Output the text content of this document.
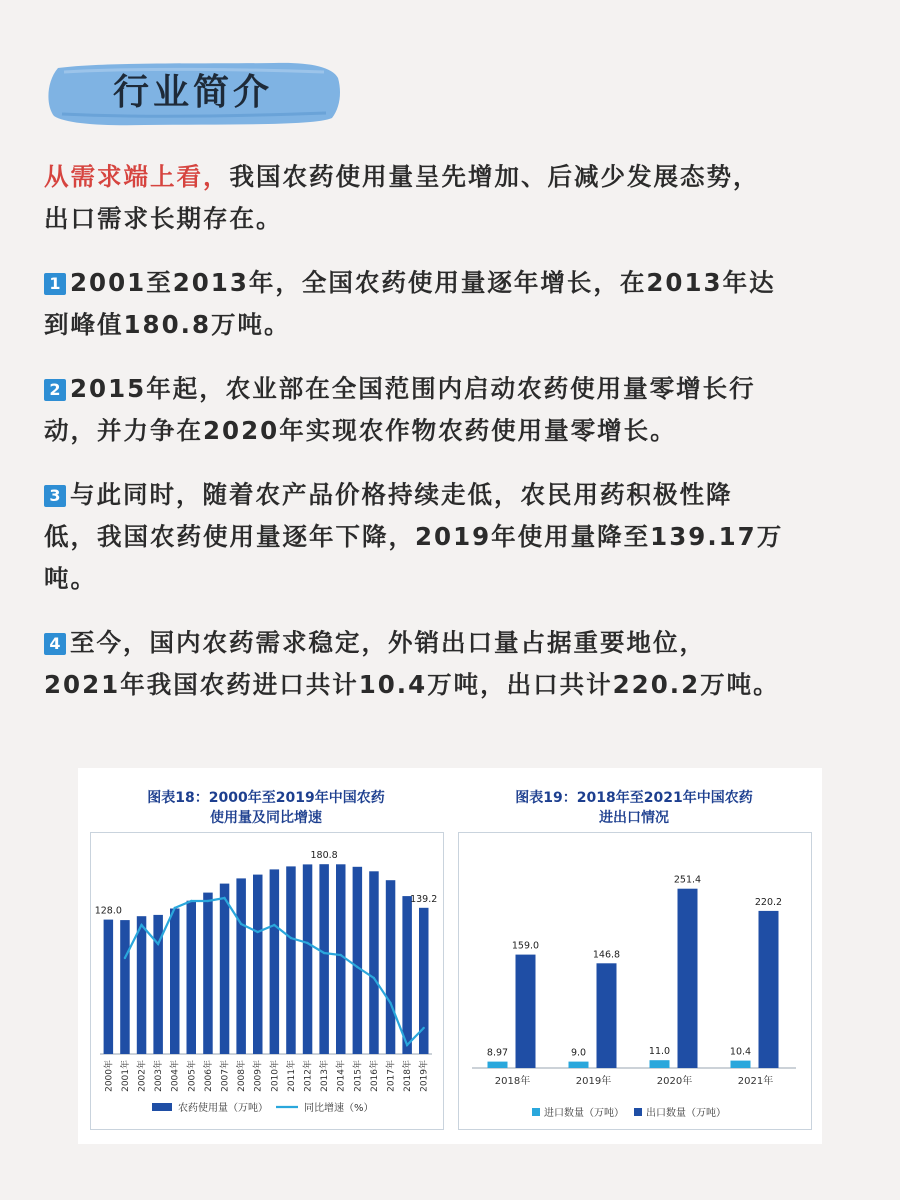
行业简介

从需求端上看，我国农药使用量呈先增加、后减少发展态势，
出口需求长期存在。

1 2001至2013年，全国农药使用量逐年增长，在2013年达
到峰值180.8万吨。

2 2015年起，农业部在全国范围内启动农药使用量零增长行
动，并力争在2020年实现农作物农药使用量零增长。

3 与此同时，随着农产品价格持续走低，农民用药积极性降
低，我国农药使用量逐年下降，2019年使用量降至139.17万
吨。

4 至今，国内农药需求稳定，外销出口量占据重要地位，
2021年我国农药进口共计10.4万吨，出口共计220.2万吨。

图表18：2000年至2019年中国农药
使用量及同比增速
128.0
180.8
139.2
2000年 2001年 2002年 2003年 2004年 2005年 2006年 2007年 2008年 2009年 2010年 2011年 2012年 2013年 2014年 2015年 2016年 2017年 2018年 2019年
农药使用量（万吨）	同比增速（%）
图表19：2018年至2021年中国农药
进出口情况
8.97
159.0
2018年
9.0
146.8
2019年
11.0
251.4
2020年
10.4
220.2
2021年
进口数量（万吨） 出口数量（万吨）
